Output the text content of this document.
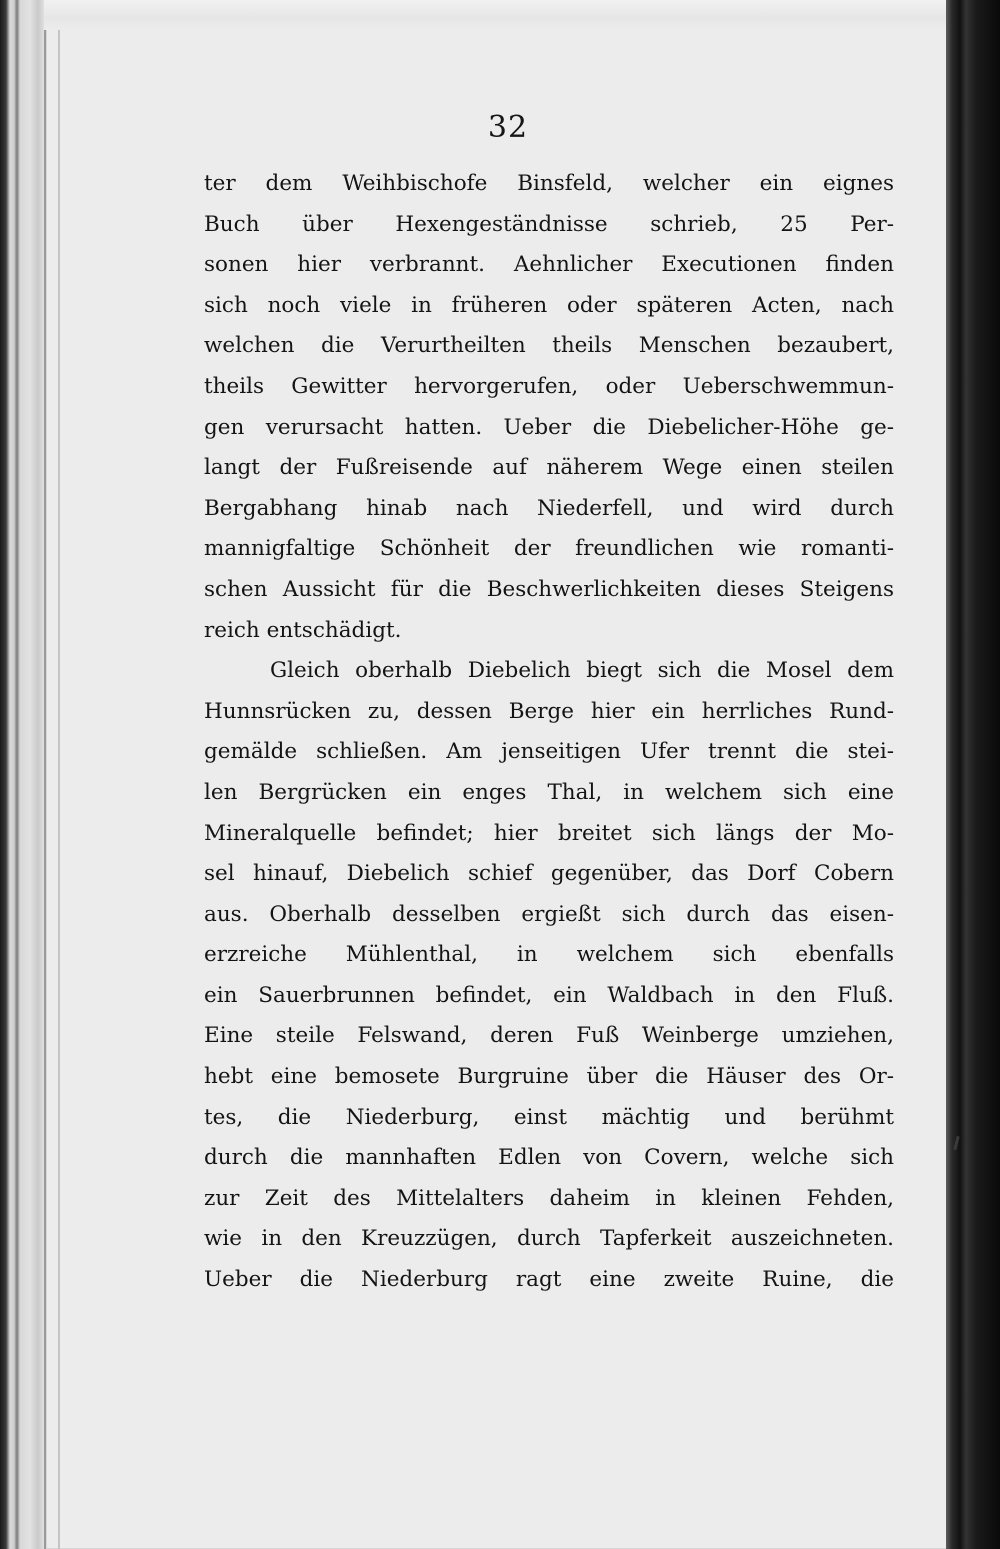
32
ter dem Weihbischofe Binsfeld, welcher ein eignes
Buch über Hexengeständnisse schrieb, 25 Per-
sonen hier verbrannt. Aehnlicher Executionen finden
sich noch viele in früheren oder späteren Acten, nach
welchen die Verurtheilten theils Menschen bezaubert,
theils Gewitter hervorgerufen, oder Ueberschwemmun-
gen verursacht hatten. Ueber die Diebelicher-Höhe ge-
langt der Fußreisende auf näherem Wege einen steilen
Bergabhang hinab nach Niederfell, und wird durch
mannigfaltige Schönheit der freundlichen wie romanti-
schen Aussicht für die Beschwerlichkeiten dieses Steigens
reich entschädigt.
Gleich oberhalb Diebelich biegt sich die Mosel dem
Hunnsrücken zu, dessen Berge hier ein herrliches Rund-
gemälde schließen. Am jenseitigen Ufer trennt die stei-
len Bergrücken ein enges Thal, in welchem sich eine
Mineralquelle befindet; hier breitet sich längs der Mo-
sel hinauf, Diebelich schief gegenüber, das Dorf Cobern
aus. Oberhalb desselben ergießt sich durch das eisen-
erzreiche Mühlenthal, in welchem sich ebenfalls
ein Sauerbrunnen befindet, ein Waldbach in den Fluß.
Eine steile Felswand, deren Fuß Weinberge umziehen,
hebt eine bemosete Burgruine über die Häuser des Or-
tes, die Niederburg, einst mächtig und berühmt
durch die mannhaften Edlen von Covern, welche sich
zur Zeit des Mittelalters daheim in kleinen Fehden,
wie in den Kreuzzügen, durch Tapferkeit auszeichneten.
Ueber die Niederburg ragt eine zweite Ruine, die
